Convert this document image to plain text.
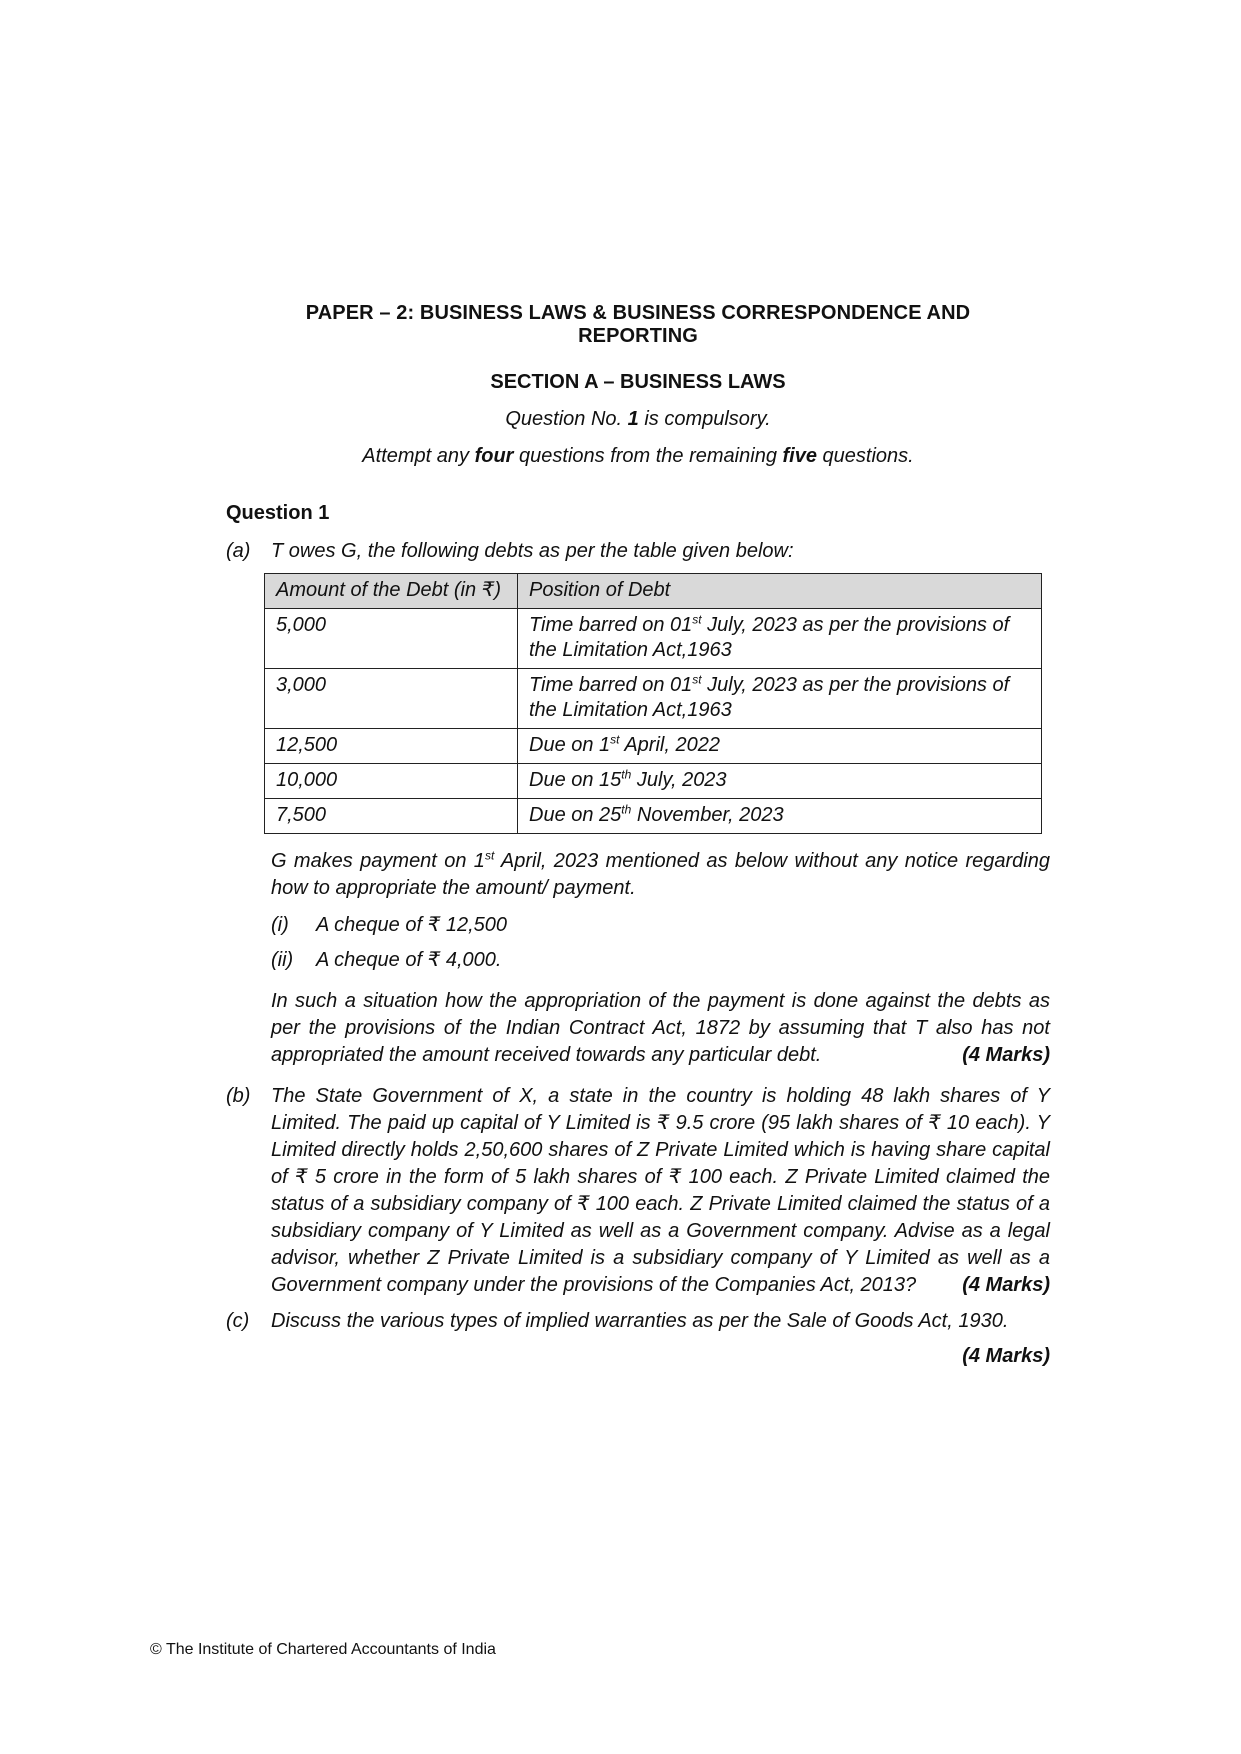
PAPER – 2: BUSINESS LAWS & BUSINESS CORRESPONDENCE AND REPORTING
SECTION A – BUSINESS LAWS
Question No. 1 is compulsory.
Attempt any four questions from the remaining five questions.
Question 1
(a) T owes G, the following debts as per the table given below:
Amount of the Debt (in ₹)	Position of Debt
5,000	Time barred on 01st July, 2023 as per the provisions of the Limitation Act,1963
3,000	Time barred on 01st July, 2023 as per the provisions of the Limitation Act,1963
12,500	Due on 1st April, 2022
10,000	Due on 15th July, 2023
7,500	Due on 25th November, 2023
G makes payment on 1st April, 2023 mentioned as below without any notice regarding how to appropriate the amount/ payment.
(i) A cheque of ₹ 12,500
(ii) A cheque of ₹ 4,000.
In such a situation how the appropriation of the payment is done against the debts as per the provisions of the Indian Contract Act, 1872 by assuming that T also has not appropriated the amount received towards any particular debt.	(4 Marks)
(b) The State Government of X, a state in the country is holding 48 lakh shares of Y Limited. The paid up capital of Y Limited is ₹ 9.5 crore (95 lakh shares of ₹ 10 each). Y Limited directly holds 2,50,600 shares of Z Private Limited which is having share capital of ₹ 5 crore in the form of 5 lakh shares of ₹ 100 each. Z Private Limited claimed the status of a subsidiary company of ₹ 100 each. Z Private Limited claimed the status of a subsidiary company of Y Limited as well as a Government company. Advise as a legal advisor, whether Z Private Limited is a subsidiary company of Y Limited as well as a Government company under the provisions of the Companies Act, 2013? (4 Marks)
(c) Discuss the various types of implied warranties as per the Sale of Goods Act, 1930.
(4 Marks)
© The Institute of Chartered Accountants of India
